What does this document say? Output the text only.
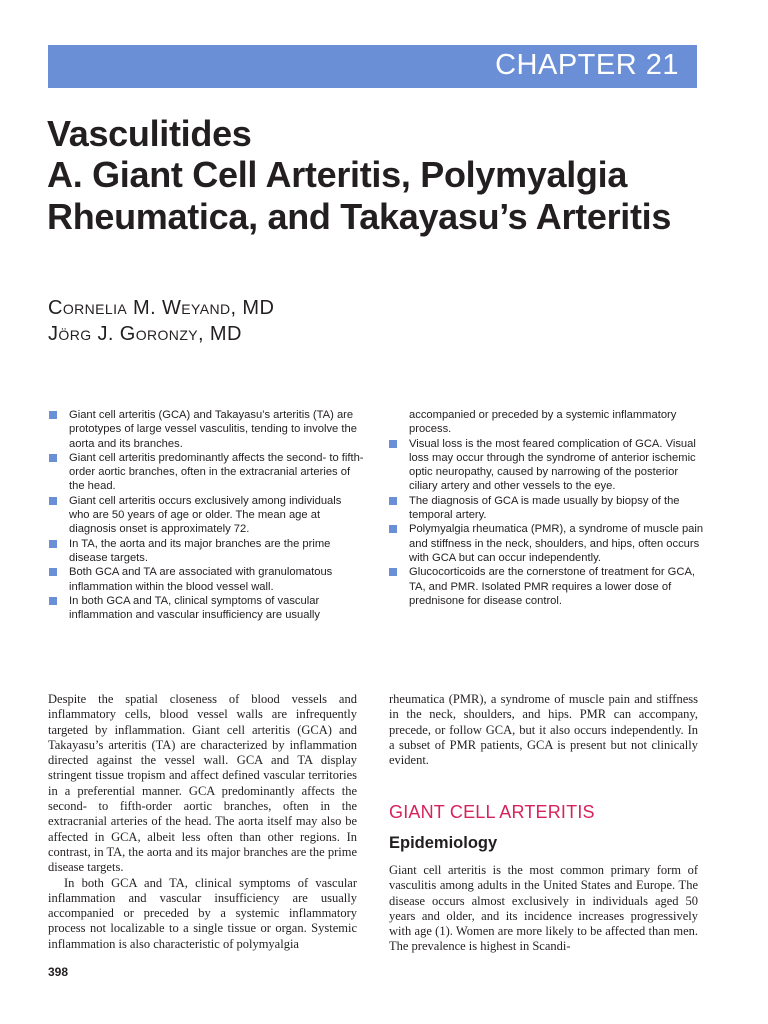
CHAPTER 21
Vasculitides
A. Giant Cell Arteritis, Polymyalgia Rheumatica, and Takayasu’s Arteritis
Cornelia M. Weyand, MD
Jörg J. Goronzy, MD
Giant cell arteritis (GCA) and Takayasu’s arteritis (TA) are prototypes of large vessel vasculitis, tending to involve the aorta and its branches.
Giant cell arteritis predominantly affects the second- to fifth-order aortic branches, often in the extracranial arteries of the head.
Giant cell arteritis occurs exclusively among individuals who are 50 years of age or older. The mean age at diagnosis onset is approximately 72.
In TA, the aorta and its major branches are the prime disease targets.
Both GCA and TA are associated with granulomatous inflammation within the blood vessel wall.
In both GCA and TA, clinical symptoms of vascular inflammation and vascular insufficiency are usually
accompanied or preceded by a systemic inflammatory process.
Visual loss is the most feared complication of GCA. Visual loss may occur through the syndrome of anterior ischemic optic neuropathy, caused by narrowing of the posterior ciliary artery and other vessels to the eye.
The diagnosis of GCA is made usually by biopsy of the temporal artery.
Polymyalgia rheumatica (PMR), a syndrome of muscle pain and stiffness in the neck, shoulders, and hips, often occurs with GCA but can occur independently.
Glucocorticoids are the cornerstone of treatment for GCA, TA, and PMR. Isolated PMR requires a lower dose of prednisone for disease control.

Despite the spatial closeness of blood vessels and inflammatory cells, blood vessel walls are infrequently targeted by inflammation. Giant cell arteritis (GCA) and Takayasu’s arteritis (TA) are characterized by inflammation directed against the vessel wall. GCA and TA display stringent tissue tropism and affect defined vascular territories in a preferential manner. GCA predominantly affects the second- to fifth-order aortic branches, often in the extracranial arteries of the head. The aorta itself may also be affected in GCA, albeit less often than other regions. In contrast, in TA, the aorta and its major branches are the prime disease targets.

In both GCA and TA, clinical symptoms of vascular inflammation and vascular insufficiency are usually accompanied or preceded by a systemic inflammatory process not localizable to a single tissue or organ. Systemic inflammation is also characteristic of polymyalgia

rheumatica (PMR), a syndrome of muscle pain and stiffness in the neck, shoulders, and hips. PMR can accompany, precede, or follow GCA, but it also occurs independently. In a subset of PMR patients, GCA is present but not clinically evident.

GIANT CELL ARTERITIS
Epidemiology

Giant cell arteritis is the most common primary form of vasculitis among adults in the United States and Europe. The disease occurs almost exclusively in individuals aged 50 years and older, and its incidence increases progressively with age (1). Women are more likely to be affected than men. The prevalence is highest in Scandi-

398
